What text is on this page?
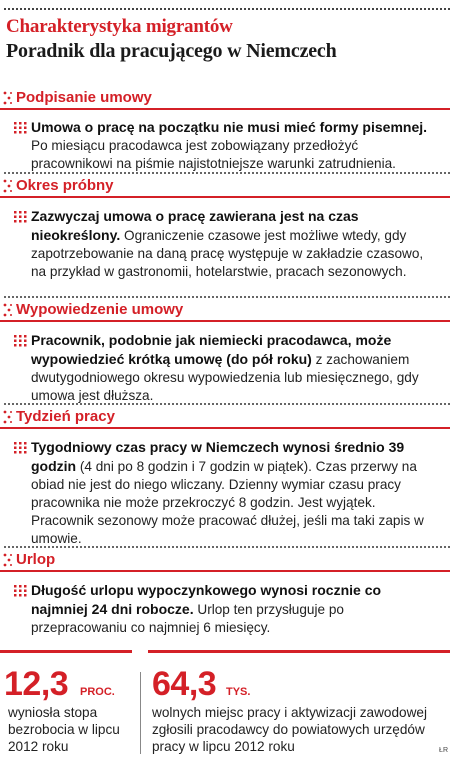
Charakterystyka migrantów
Poradnik dla pracującego w Niemczech
Podpisanie umowy
Umowa o pracę na początku nie musi mieć formy pisemnej. Po miesiącu pracodawca jest zobowiązany przedłożyć pracownikowi na piśmie najistotniejsze warunki zatrudnienia.
Okres próbny
Zazwyczaj umowa o pracę zawierana jest na czas nieokreślony. Ograniczenie czasowe jest możliwe wtedy, gdy zapotrzebowanie na daną pracę występuje w zakładzie czasowo, na przykład w gastronomii, hotelarstwie, pracach sezonowych.
Wypowiedzenie umowy
Pracownik, podobnie jak niemiecki pracodawca, może wypowiedzieć krótką umowę (do pół roku) z zachowaniem dwutygodniowego okresu wypowiedzenia lub miesięcznego, gdy umowa jest dłuższa.
Tydzień pracy
Tygodniowy czas pracy w Niemczech wynosi średnio 39 godzin (4 dni po 8 godzin i 7 godzin w piątek). Czas przerwy na obiad nie jest do niego wliczany. Dzienny wymiar czasu pracy pracownika nie może przekroczyć 8 godzin. Jest wyjątek. Pracownik sezonowy może pracować dłużej, jeśli ma taki zapis w umowie.
Urlop
Długość urlopu wypoczynkowego wynosi rocznie co najmniej 24 dni robocze. Urlop ten przysługuje po przepracowaniu co najmniej 6 miesięcy.
12,3 PROC.
wyniosła stopa bezrobocia w lipcu 2012 roku
64,3 TYS.
wolnych miejsc pracy i aktywizacji zawodowej zgłosili pracodawcy do powiatowych urzędów pracy w lipcu 2012 roku	ŁR
